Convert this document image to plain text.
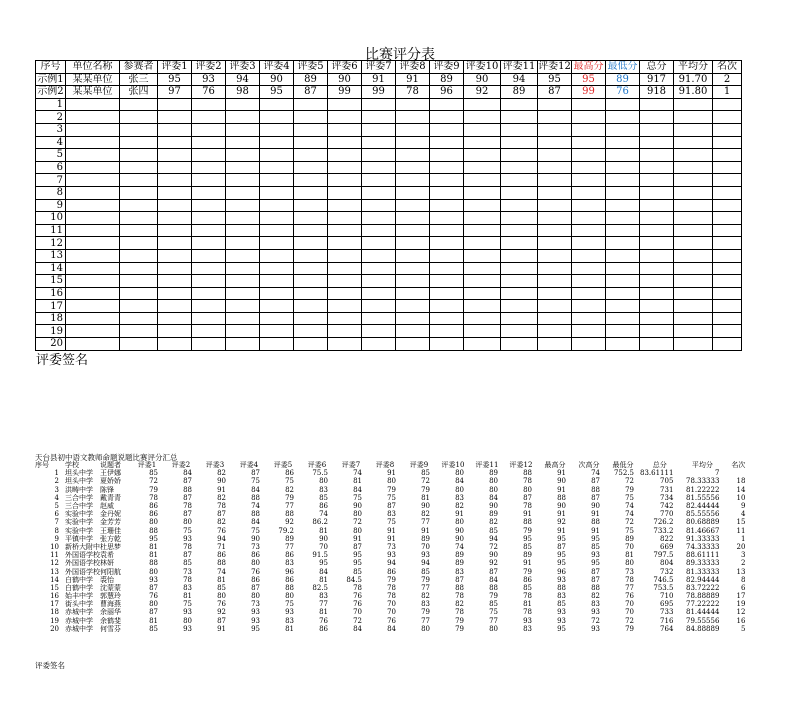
比赛评分表
序号	单位名称	参赛者	评委1	评委2	评委3	评委4	评委5	评委6	评委7	评委8	评委9	评委10	评委11	评委12	最高分	最低分	总分	平均分	名次
示例1	某某单位	张三	95	93	94	90	89	90	91	91	89	90	94	95	95	89	917	91.70	2
示例2	某某单位	张四	97	76	98	95	87	99	99	78	96	92	89	87	99	76	918	91.80	1
1																			
2																			
3																			
4																			
5																			
6																			
7																			
8																			
9																			
10																			
11																			
12																			
13																			
14																			
15																			
16																			
17																			
18																			
19																			
20																			
评委签名
天台县初中语文教师命题说题比赛评分汇总
序号	学校	说题者	评委1	评委2	评委3	评委4	评委5	评委6	评委7	评委8	评委9	评委10	评委11	评委12	最高分	次高分	最低分	总分	平均分	名次
1	坦头中学	王伊娜	85	84	82	87	86	75.5	74	91	85	80	89	88	91	74	752.5	83.61111	7	
2	坦头中学	夏娇娇	72	87	90	75	75	80	81	80	72	84	80	78	90	87	72	705	78.33333	18
3	洪畴中学	陈锋	79	88	91	84	82	83	84	79	79	80	80	80	91	88	79	731	81.22222	14
4	三合中学	戴青青	78	87	82	88	79	85	75	75	81	83	84	87	88	87	75	734	81.55556	10
5	三合中学	赵威	86	78	78	74	77	86	90	87	90	82	90	78	90	90	74	742	82.44444	9
6	实验中学	金丹妮	86	87	87	88	88	74	80	83	82	91	89	91	91	91	74	770	85.55556	4
7	实验中学	金芳芳	80	80	82	84	92	86.2	72	75	77	80	82	88	92	88	72	726.2	80.68889	15
8	实验中学	王珊佳	88	75	76	75	79.2	81	80	91	91	90	85	79	91	91	75	733.2	81.46667	11
9	平镇中学	张方乾	95	93	94	90	89	90	91	91	89	90	94	95	95	95	89	822	91.33333	1
10	新桥大附中	杜思梦	81	78	71	73	77	70	87	73	70	74	72	85	87	85	70	669	74.33333	20
11	外国语学校	袁希	81	87	86	86	86	91.5	95	93	93	89	90	89	95	93	81	797.5	88.61111	3
12	外国语学校	林妍	88	85	88	80	83	95	95	94	94	89	92	91	95	95	80	804	89.33333	2
13	外国语学校	何阳航	80	73	74	76	96	84	85	86	85	83	87	79	96	87	73	732	81.33333	13
14	白鹤中学	裘怡	93	78	81	86	86	81	84.5	79	79	87	84	86	93	87	78	746.5	82.94444	8
15	白鹤中学	沈蒙蒙	87	83	85	87	88	82.5	78	78	77	88	88	85	88	88	77	753.5	83.72222	6
16	始丰中学	郭慧玲	76	81	80	80	80	83	76	78	82	78	79	78	83	82	76	710	78.88889	17
17	街头中学	曹海燕	80	75	76	73	75	77	76	70	83	82	85	81	85	83	70	695	77.22222	19
18	赤城中学	余丽华	87	93	92	93	93	81	70	70	79	78	75	78	93	93	70	733	81.44444	12
19	赤城中学	余鹤斐	81	80	87	93	83	76	72	76	77	79	77	93	93	72	72	716	79.55556	16
20	赤城中学	何雪芬	85	93	91	95	81	86	84	84	80	79	80	83	95	93	79	764	84.88889	5
评委签名
